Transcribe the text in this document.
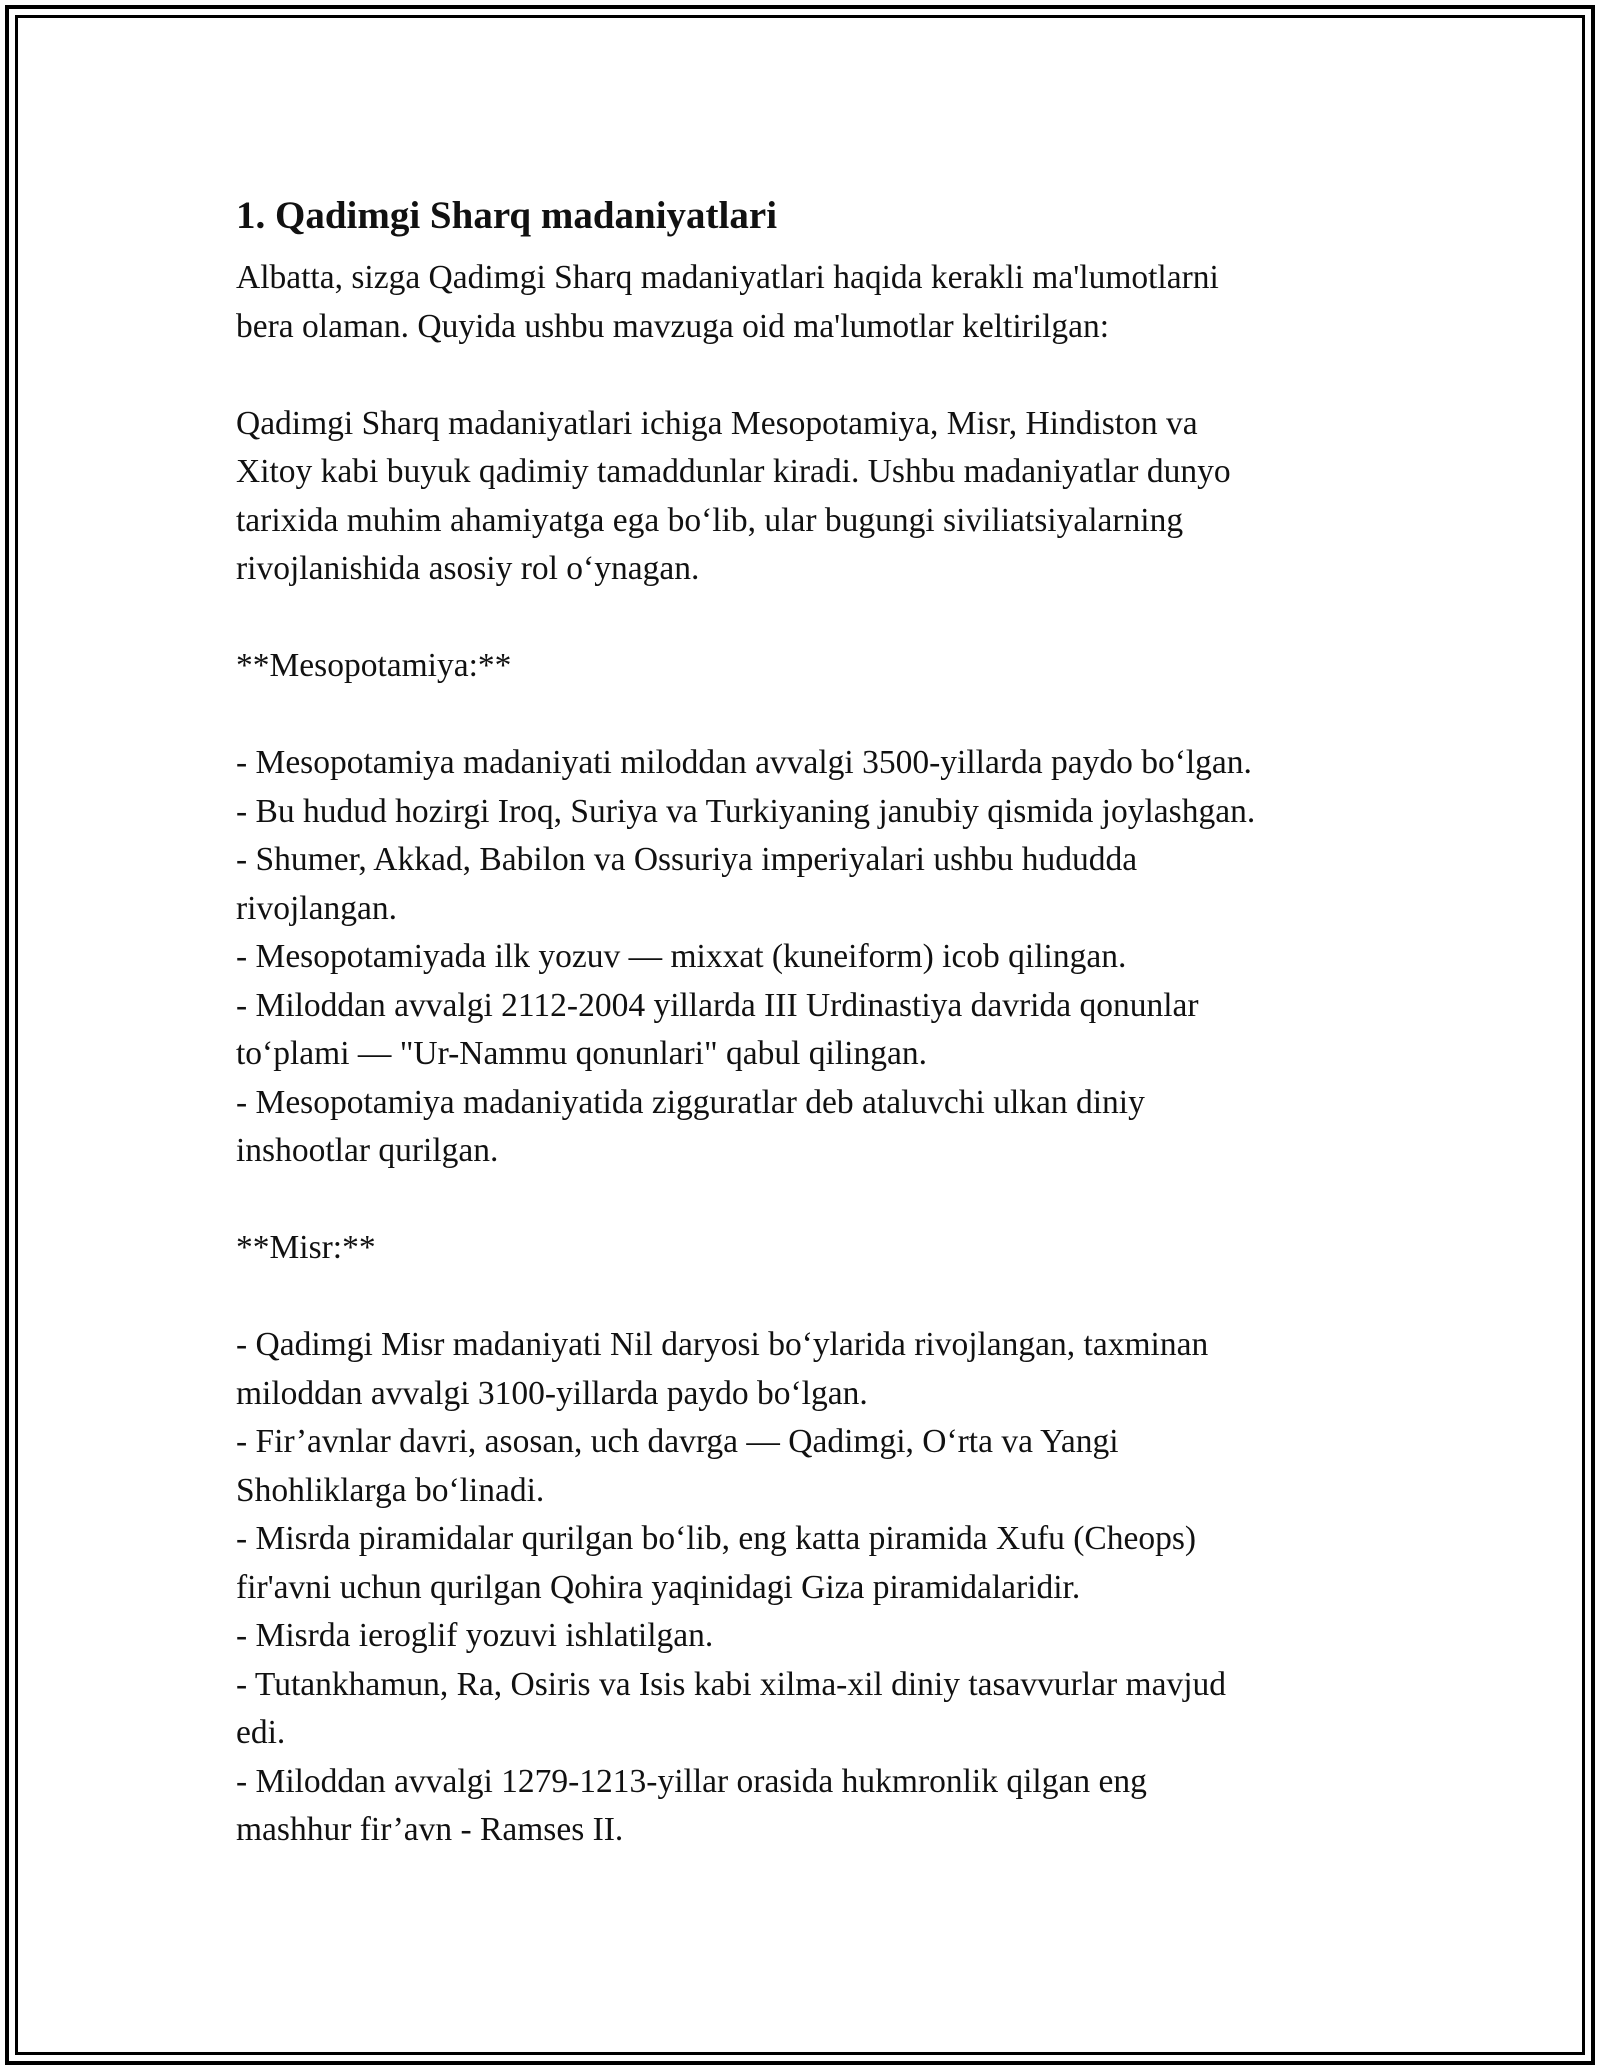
1. Qadimgi Sharq madaniyatlari

Albatta, sizga Qadimgi Sharq madaniyatlari haqida kerakli ma'lumotlarni
bera olaman. Quyida ushbu mavzuga oid ma'lumotlar keltirilgan:

Qadimgi Sharq madaniyatlari ichiga Mesopotamiya, Misr, Hindiston va
Xitoy kabi buyuk qadimiy tamaddunlar kiradi. Ushbu madaniyatlar dunyo
tarixida muhim ahamiyatga ega bo‘lib, ular bugungi siviliatsiyalarning
rivojlanishida asosiy rol o‘ynagan.

**Mesopotamiya:**

- Mesopotamiya madaniyati miloddan avvalgi 3500-yillarda paydo bo‘lgan.

- Bu hudud hozirgi Iroq, Suriya va Turkiyaning janubiy qismida joylashgan.

- Shumer, Akkad, Babilon va Ossuriya imperiyalari ushbu hududda
rivojlangan.

- Mesopotamiyada ilk yozuv — mixxat (kuneiform) icob qilingan.

- Miloddan avvalgi 2112-2004 yillarda III Urdinastiya davrida qonunlar
to‘plami — "Ur-Nammu qonunlari" qabul qilingan.

- Mesopotamiya madaniyatida zigguratlar deb ataluvchi ulkan diniy
inshootlar qurilgan.

**Misr:**

- Qadimgi Misr madaniyati Nil daryosi bo‘ylarida rivojlangan, taxminan
miloddan avvalgi 3100-yillarda paydo bo‘lgan.

- Fir’avnlar davri, asosan, uch davrga — Qadimgi, O‘rta va Yangi
Shohliklarga bo‘linadi.

- Misrda piramidalar qurilgan bo‘lib, eng katta piramida Xufu (Cheops)
fir'avni uchun qurilgan Qohira yaqinidagi Giza piramidalaridir.

- Misrda ieroglif yozuvi ishlatilgan.

- Tutankhamun, Ra, Osiris va Isis kabi xilma-xil diniy tasavvurlar mavjud
edi.

- Miloddan avvalgi 1279-1213-yillar orasida hukmronlik qilgan eng
mashhur fir’avn - Ramses II.
